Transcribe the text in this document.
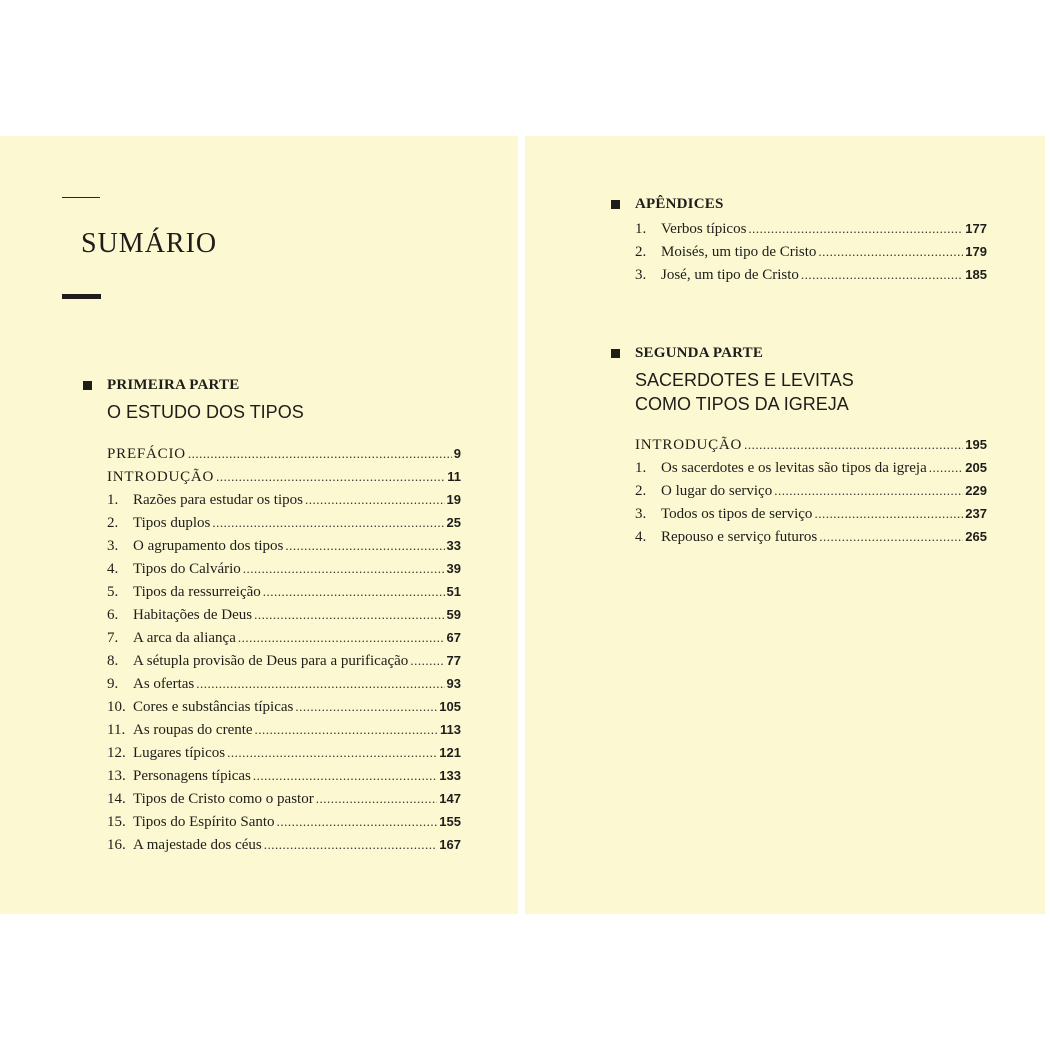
SUMÁRIO
PRIMEIRA PARTE
O ESTUDO DOS TIPOS
PREFÁCIO .....	9
INTRODUÇÃO .....	11
1. Razões para estudar os tipos .....	19
2. Tipos duplos .....	25
3. O agrupamento dos tipos .....	33
4. Tipos do Calvário .....	39
5. Tipos da ressurreição .....	51
6. Habitações de Deus .....	59
7. A arca da aliança .....	67
8. A sétupla provisão de Deus para a purificação .....	77
9. As ofertas .....	93
10. Cores e substâncias típicas .....	105
11. As roupas do crente .....	113
12. Lugares típicos .....	121
13. Personagens típicas .....	133
14. Tipos de Cristo como o pastor .....	147
15. Tipos do Espírito Santo .....	155
16. A majestade dos céus .....	167
APÊNDICES
1. Verbos típicos .....	177
2. Moisés, um tipo de Cristo .....	179
3. José, um tipo de Cristo .....	185
SEGUNDA PARTE
SACERDOTES E LEVITAS
COMO TIPOS DA IGREJA
INTRODUÇÃO .....	195
1. Os sacerdotes e os levitas são tipos da igreja .....	205
2. O lugar do serviço .....	229
3. Todos os tipos de serviço .....	237
4. Repouso e serviço futuros .....	265
